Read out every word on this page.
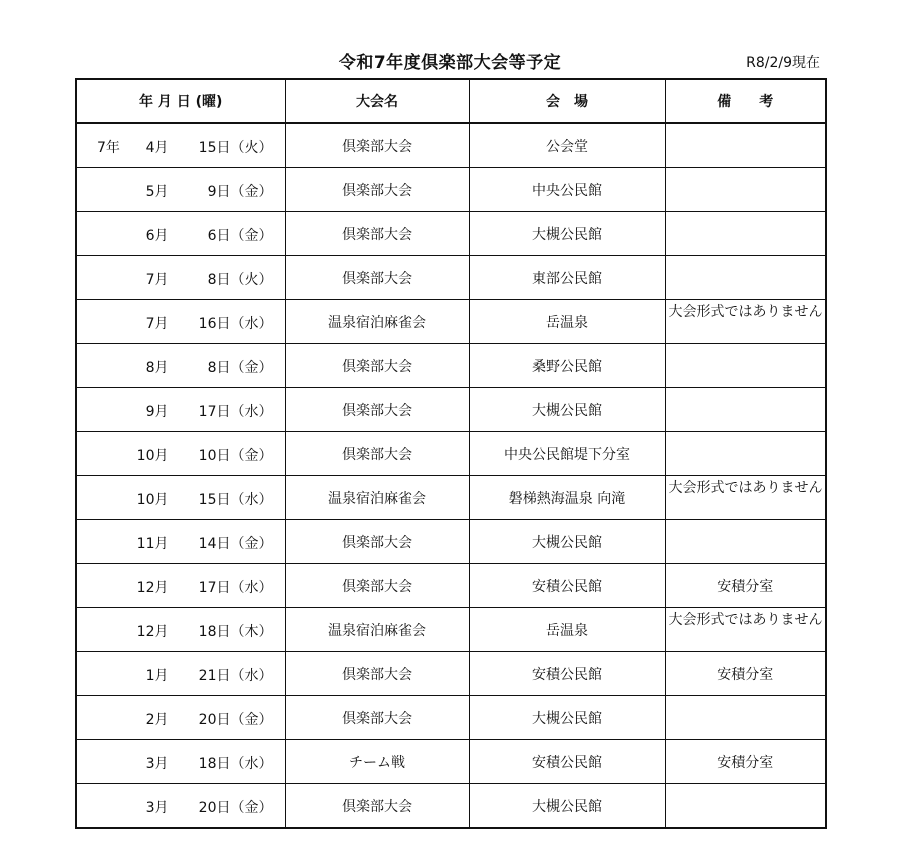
令和7年度倶楽部大会等予定	R8/2/9現在
年 月 日 (曜)	大会名	会　場	備　　考

7年 4月 15日（火）	倶楽部大会	公会堂	

5月 9日（金）	倶楽部大会	中央公民館	

6月 6日（金）	倶楽部大会	大槻公民館	

7月 8日（火）	倶楽部大会	東部公民館	

7月 16日（水）	温泉宿泊麻雀会	岳温泉	大会形式ではありません

8月 8日（金）	倶楽部大会	桑野公民館	

9月 17日（水）	倶楽部大会	大槻公民館	

10月 10日（金）	倶楽部大会	中央公民館堤下分室	

10月 15日（水）	温泉宿泊麻雀会	磐梯熱海温泉 向滝	大会形式ではありません

11月 14日（金）	倶楽部大会	大槻公民館	

12月 17日（水）	倶楽部大会	安積公民館	安積分室

12月 18日（木）	温泉宿泊麻雀会	岳温泉	大会形式ではありません

1月 21日（水）	倶楽部大会	安積公民館	安積分室

2月 20日（金）	倶楽部大会	大槻公民館	

3月 18日（水）	チーム戦	安積公民館	安積分室

3月 20日（金）	倶楽部大会	大槻公民館	
